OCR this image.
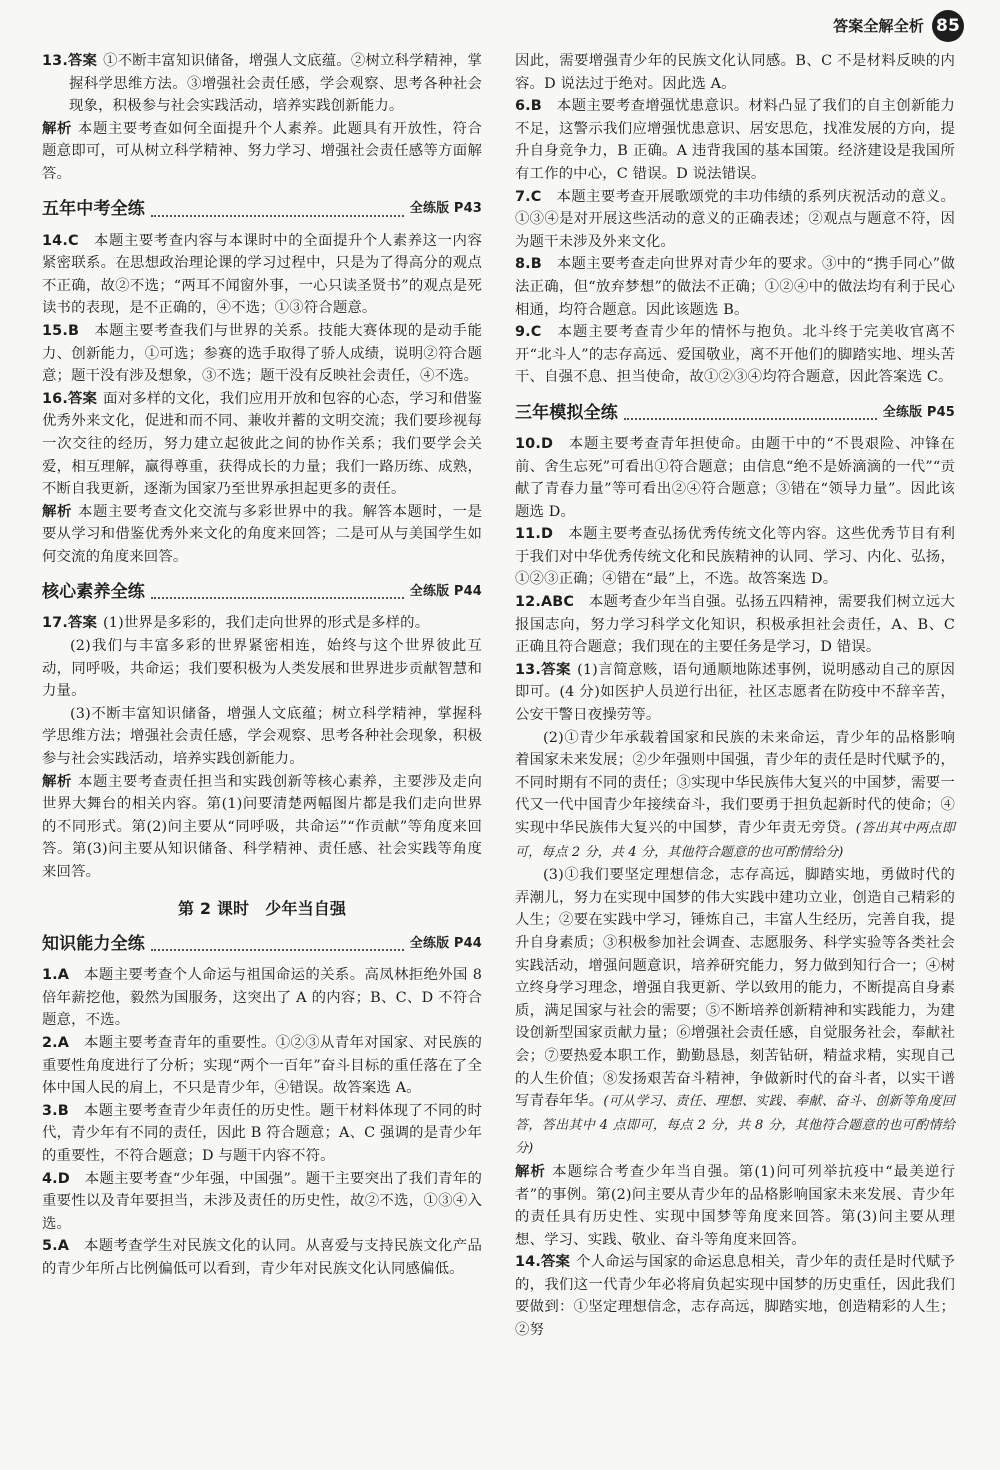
答案全解全析 85

13.答案 ①不断丰富知识储备，增强人文底蕴。②树立科学精神，掌握科学思维方法。③增强社会责任感，学会观察、思考各种社会现象，积极参与社会实践活动，培养实践创新能力。

解析 本题主要考查如何全面提升个人素养。此题具有开放性，符合题意即可，可从树立科学精神、努力学习、增强社会责任感等方面解答。

五年中考全练	全练版 P43

14.C　 本题主要考查内容与本课时中的全面提升个人素养这一内容紧密联系。在思想政治理论课的学习过程中，只是为了得高分的观点不正确，故②不选；“两耳不闻窗外事，一心只读圣贤书”的观点是死读书的表现，是不正确的，④不选；①③符合题意。

15.B　 本题主要考查我们与世界的关系。技能大赛体现的是动手能力、创新能力，①可选；参赛的选手取得了骄人成绩，说明②符合题意；题干没有涉及想象，③不选；题干没有反映社会责任，④不选。

16.答案 面对多样的文化，我们应用开放和包容的心态，学习和借鉴优秀外来文化，促进和而不同、兼收并蓄的文明交流；我们要珍视每一次交往的经历，努力建立起彼此之间的协作关系；我们要学会关爱，相互理解，赢得尊重，获得成长的力量；我们一路历练、成熟，不断自我更新，逐渐为国家乃至世界承担起更多的责任。

解析 本题主要考查文化交流与多彩世界中的我。解答本题时，一是要从学习和借鉴优秀外来文化的角度来回答；二是可从与美国学生如何交流的角度来回答。

核心素养全练	全练版 P44

17.答案 (1)世界是多彩的，我们走向世界的形式是多样的。

(2)我们与丰富多彩的世界紧密相连，始终与这个世界彼此互动，同呼吸，共命运；我们要积极为人类发展和世界进步贡献智慧和力量。

(3)不断丰富知识储备，增强人文底蕴；树立科学精神，掌握科学思维方法；增强社会责任感，学会观察、思考各种社会现象，积极参与社会实践活动，培养实践创新能力。

解析 本题主要考查责任担当和实践创新等核心素养，主要涉及走向世界大舞台的相关内容。第(1)问要清楚两幅图片都是我们走向世界的不同形式。第(2)问主要从“同呼吸，共命运”“作贡献”等角度来回答。第(3)问主要从知识储备、科学精神、责任感、社会实践等角度来回答。

第 2 课时　少年当自强
知识能力全练	全练版 P44

1.A　 本题主要考查个人命运与祖国命运的关系。高凤林拒绝外国 8 倍年薪挖他，毅然为国服务，这突出了 A 的内容；B、C、D 不符合题意，不选。

2.A　 本题主要考查青年的重要性。①②③从青年对国家、对民族的重要性角度进行了分析；实现“两个一百年”奋斗目标的重任落在了全体中国人民的肩上，不只是青少年，④错误。故答案选 A。

3.B　 本题主要考查青少年责任的历史性。题干材料体现了不同的时代，青少年有不同的责任，因此 B 符合题意；A、C 强调的是青少年的重要性，不符合题意；D 与题干内容不符。

4.D　 本题主要考查“少年强，中国强”。题干主要突出了我们青年的重要性以及青年要担当，未涉及责任的历史性，故②不选，①③④入选。

5.A　 本题考查学生对民族文化的认同。从喜爱与支持民族文化产品的青少年所占比例偏低可以看到，青少年对民族文化认同感偏低。

因此，需要增强青少年的民族文化认同感。B、C 不是材料反映的内容。D 说法过于绝对。因此选 A。

6.B　 本题主要考查增强忧患意识。材料凸显了我们的自主创新能力不足，这警示我们应增强忧患意识、居安思危，找准发展的方向，提升自身竞争力，B 正确。A 违背我国的基本国策。经济建设是我国所有工作的中心，C 错误。D 说法错误。

7.C　 本题主要考查开展歌颂党的丰功伟绩的系列庆祝活动的意义。①③④是对开展这些活动的意义的正确表述；②观点与题意不符，因为题干未涉及外来文化。

8.B　 本题主要考查走向世界对青少年的要求。③中的“携手同心”做法正确，但“放弃梦想”的做法不正确；①②④中的做法均有利于民心相通，均符合题意。因此该题选 B。

9.C　 本题主要考查青少年的情怀与抱负。北斗终于完美收官离不开“北斗人”的志存高远、爱国敬业，离不开他们的脚踏实地、埋头苦干、自强不息、担当使命，故①②③④均符合题意，因此答案选 C。

三年模拟全练	全练版 P45

10.D　 本题主要考查青年担使命。由题干中的“不畏艰险、冲锋在前、舍生忘死”可看出①符合题意；由信息“绝不是娇滴滴的一代”“贡献了青春力量”等可看出②④符合题意；③错在“领导力量”。因此该题选 D。

11.D　 本题主要考查弘扬优秀传统文化等内容。这些优秀节目有利于我们对中华优秀传统文化和民族精神的认同、学习、内化、弘扬，①②③正确；④错在“最”上，不选。故答案选 D。

12.ABC　 本题考查少年当自强。弘扬五四精神，需要我们树立远大报国志向，努力学习科学文化知识，积极承担社会责任，A、B、C 正确且符合题意；我们现在的主要任务是学习，D 错误。

13.答案 (1)言简意赅，语句通顺地陈述事例，说明感动自己的原因即可。(4 分)如医护人员逆行出征，社区志愿者在防疫中不辞辛苦，公安干警日夜操劳等。

(2)①青少年承载着国家和民族的未来命运，青少年的品格影响着国家未来发展；②少年强则中国强，青少年的责任是时代赋予的，不同时期有不同的责任；③实现中华民族伟大复兴的中国梦，需要一代又一代中国青少年接续奋斗，我们要勇于担负起新时代的使命；④实现中华民族伟大复兴的中国梦，青少年责无旁贷。(答出其中两点即可，每点 2 分，共 4 分，其他符合题意的也可酌情给分)

(3)①我们要坚定理想信念，志存高远，脚踏实地，勇做时代的弄潮儿，努力在实现中国梦的伟大实践中建功立业，创造自己精彩的人生；②要在实践中学习，锤炼自己，丰富人生经历，完善自我，提升自身素质；③积极参加社会调查、志愿服务、科学实验等各类社会实践活动，增强问题意识，培养研究能力，努力做到知行合一；④树立终身学习理念，增强自我更新、学以致用的能力，不断提高自身素质，满足国家与社会的需要；⑤不断培养创新精神和实践能力，为建设创新型国家贡献力量；⑥增强社会责任感，自觉服务社会，奉献社会；⑦要热爱本职工作，勤勤恳恳，刻苦钻研，精益求精，实现自己的人生价值；⑧发扬艰苦奋斗精神，争做新时代的奋斗者，以实干谱写青春年华。(可从学习、责任、理想、实践、奉献、奋斗、创新等角度回答，答出其中 4 点即可，每点 2 分，共 8 分，其他符合题意的也可酌情给分)

解析 本题综合考查少年当自强。第(1)问可列举抗疫中“最美逆行者”的事例。第(2)问主要从青少年的品格影响国家未来发展、青少年的责任具有历史性、实现中国梦等角度来回答。第(3)问主要从理想、学习、实践、敬业、奋斗等角度来回答。

14.答案 个人命运与国家的命运息息相关，青少年的责任是时代赋予的，我们这一代青少年必将肩负起实现中国梦的历史重任，因此我们要做到：①坚定理想信念，志存高远，脚踏实地，创造精彩的人生；②努
